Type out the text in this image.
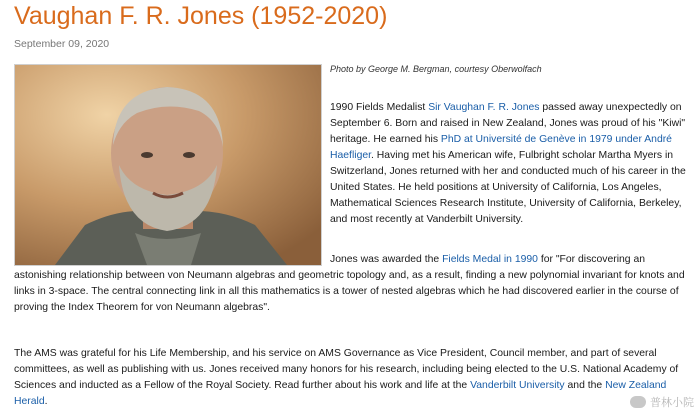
Vaughan F. R. Jones (1952-2020)
September 09, 2020
Photo by George M. Bergman, courtesy Oberwolfach
1990 Fields Medalist Sir Vaughan F. R. Jones passed away unexpectedly on September 6. Born and raised in New Zealand, Jones was proud of his "Kiwi" heritage. He earned his PhD at Université de Genève in 1979 under André Haefliger. Having met his American wife, Fulbright scholar Martha Myers in Switzerland, Jones returned with her and conducted much of his career in the United States. He held positions at University of California, Los Angeles, Mathematical Sciences Research Institute, University of California, Berkeley, and most recently at Vanderbilt University.
Jones was awarded the Fields Medal in 1990 for "For discovering an astonishing relationship between von Neumann algebras and geometric topology and, as a result, finding a new polynomial invariant for knots and links in 3-space. The central connecting link in all this mathematics is a tower of nested algebras which he had discovered earlier in the course of proving the Index Theorem for von Neumann algebras".
The AMS was grateful for his Life Membership, and his service on AMS Governance as Vice President, Council member, and part of several committees, as well as publishing with us. Jones received many honors for his research, including being elected to the U.S. National Academy of Sciences and inducted as a Fellow of the Royal Society. Read further about his work and life at the Vanderbilt University and the New Zealand Herald.	普林小院
